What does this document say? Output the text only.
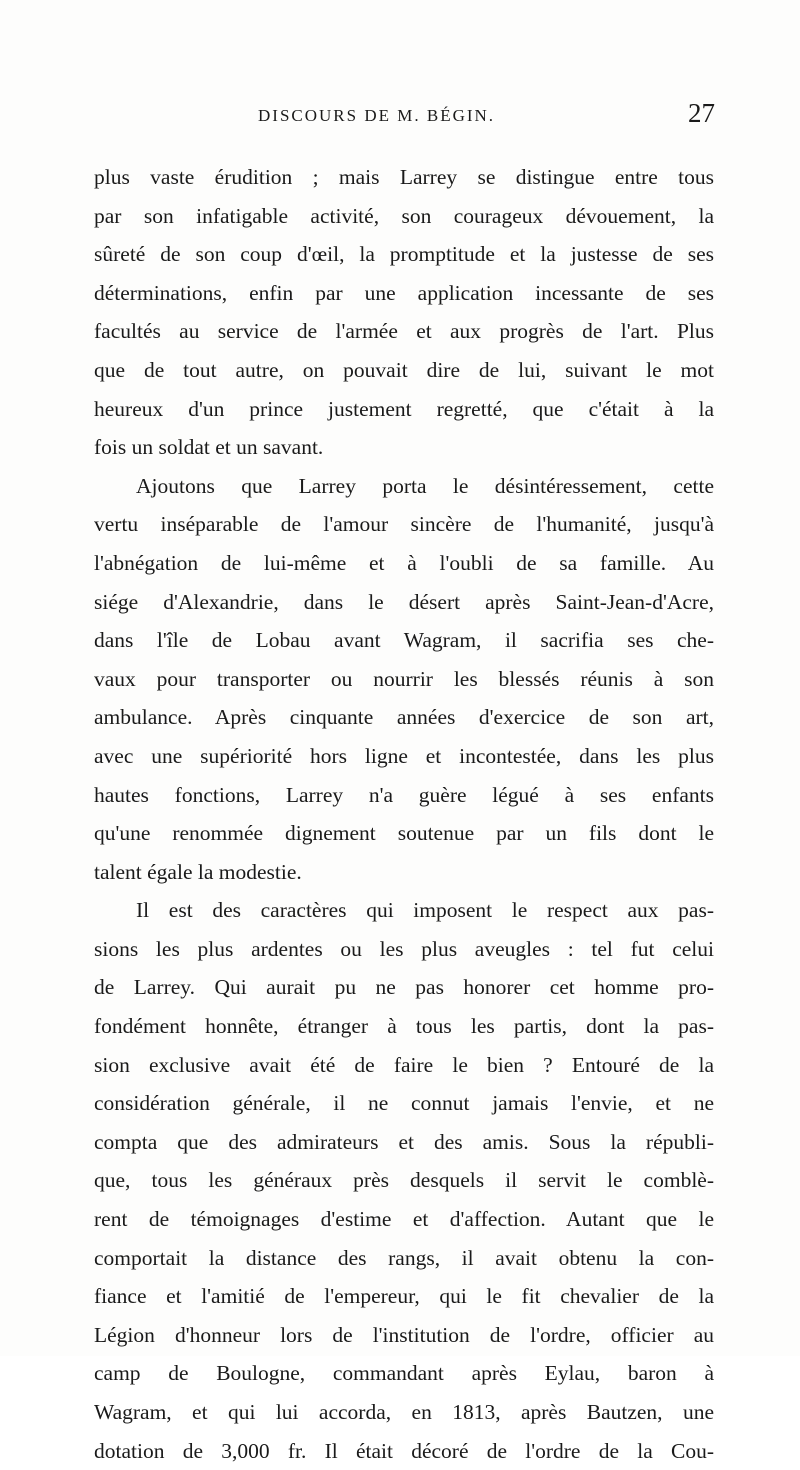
DISCOURS DE M. BÉGIN.	27
plus vaste érudition ; mais Larrey se distingue entre tous
par son infatigable activité, son courageux dévouement, la
sûreté de son coup d'œil, la promptitude et la justesse de ses
déterminations, enfin par une application incessante de ses
facultés au service de l'armée et aux progrès de l'art. Plus
que de tout autre, on pouvait dire de lui, suivant le mot
heureux d'un prince justement regretté, que c'était à la
fois un soldat et un savant.
Ajoutons que Larrey porta le désintéressement, cette
vertu inséparable de l'amour sincère de l'humanité, jusqu'à
l'abnégation de lui-même et à l'oubli de sa famille. Au
siége d'Alexandrie, dans le désert après Saint-Jean-d'Acre,
dans l'île de Lobau avant Wagram, il sacrifia ses che-
vaux pour transporter ou nourrir les blessés réunis à son
ambulance. Après cinquante années d'exercice de son art,
avec une supériorité hors ligne et incontestée, dans les plus
hautes fonctions, Larrey n'a guère légué à ses enfants
qu'une renommée dignement soutenue par un fils dont le
talent égale la modestie.
Il est des caractères qui imposent le respect aux pas-
sions les plus ardentes ou les plus aveugles : tel fut celui
de Larrey. Qui aurait pu ne pas honorer cet homme pro-
fondément honnête, étranger à tous les partis, dont la pas-
sion exclusive avait été de faire le bien ? Entouré de la
considération générale, il ne connut jamais l'envie, et ne
compta que des admirateurs et des amis. Sous la républi-
que, tous les généraux près desquels il servit le comblè-
rent de témoignages d'estime et d'affection. Autant que le
comportait la distance des rangs, il avait obtenu la con-
fiance et l'amitié de l'empereur, qui le fit chevalier de la
Légion d'honneur lors de l'institution de l'ordre, officier au
camp de Boulogne, commandant après Eylau, baron à
Wagram, et qui lui accorda, en 1813, après Bautzen, une
dotation de 3,000 fr. Il était décoré de l'ordre de la Cou-
